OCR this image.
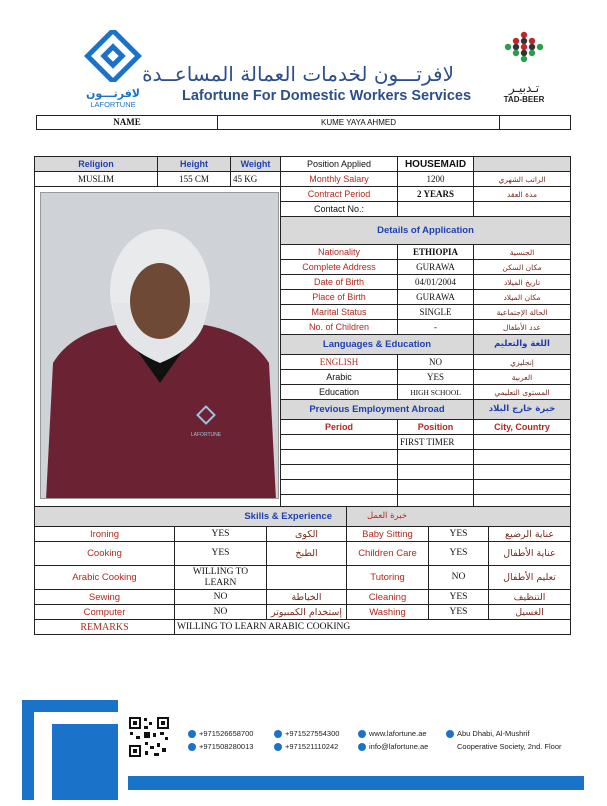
لافرتـــون
LAFORTUNE
لافرتـــون لخدمات العمالة المساعــدة
Lafortune For Domestic Workers Services	تـدبيـر
TAD-BEER
NAME	KUME YAYA AHMED	
Religion	Height	Weight	Position Applied	HOUSEMAID	
MUSLIM	155 CM	45 KG	Monthly Salary	1200	الراتب الشهري
			Contract Period	2 YEARS	مدة العقد
			Contact No.:		
			Details of Application		
			Nationality	ETHIOPIA	الجنسية
			Complete Address	GURAWA	مكان السكن
			Date of Birth	04/01/2004	تاريخ الميلاد
			Place of Birth	GURAWA	مكان الميلاد
			Marital Status	SINGLE	الحالة الإجتماعية
			No. of Children	-	عدد الأطفال
			Languages & Education		اللغة والتعليم
			ENGLISH	NO	إنجليزي
			Arabic	YES	العربية
			Education	HIGH SCHOOL	المستوى التعليمي
			Previous Employment Abroad		خبرة خارج البلاد
			Period	Position	City, Country
				FIRST TIMER	

LAFORTUNE
Skills & Experience			خبرة العمل		
Ironing	YES	الكوى	Baby Sitting	YES	عناية الرضيع
Cooking	YES	الطبخ	Children Care	YES	عناية الأطفال
Arabic Cooking	WILLING TO LEARN		Tutoring	NO	تعليم الأطفال
Sewing	NO	الخياطة	Cleaning	YES	التنظيف
Computer	NO	إستخدام الكمبيوتر	Washing	YES	الغسيل
REMARKS	WILLING TO LEARN ARABIC COOKING				
+971526658700
+971508280013
+971527554300
+971521110242
www.lafortune.ae
info@lafortune.ae
Abu Dhabi, Al-Mushrif
Cooperative Society, 2nd. Floor
